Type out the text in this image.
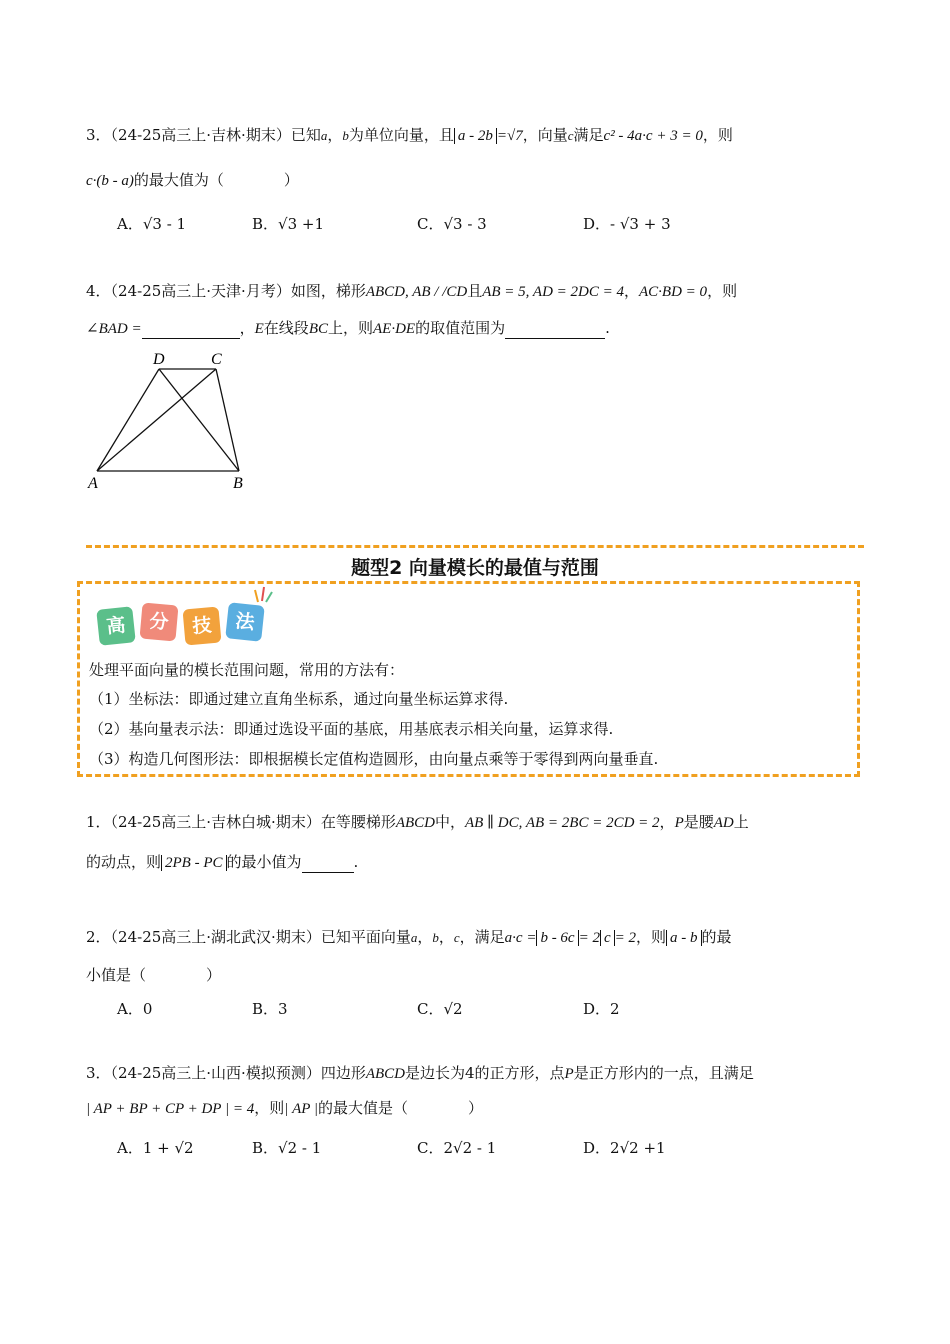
3．（24-25高三上·吉林·期末）已知a，b为单位向量，且 a - 2b =√7，向量c满足c² - 4a·c + 3 = 0，则
c·(b - a)的最大值为（　　　　）
A．√3 - 1	B．√3 +1	C．√3 - 3	D．- √3 + 3
4．（24-25高三上·天津·月考）如图，梯形ABCD, AB / /CD且AB = 5, AD = 2DC = 4，AC·BD = 0，则
∠BAD =	，E在线段BC上，则AE·DE的取值范围为	.
A	B
C
D
题型2 向量模长的最值与范围
高	分	技	法
处理平面向量的模长范围问题，常用的方法有：
（1）坐标法：即通过建立直角坐标系，通过向量坐标运算求得.
（2）基向量表示法：即通过选设平面的基底，用基底表示相关向量，运算求得.
（3）构造几何图形法：即根据模长定值构造圆形，由向量点乘等于零得到两向量垂直.
1．（24-25高三上·吉林白城·期末）在等腰梯形ABCD中，AB ∥ DC, AB = 2BC = 2CD = 2，P是腰AD上
的动点，则 2PB - PC 的最小值为	.
2．（24-25高三上·湖北武汉·期末）已知平面向量a，b，c，满足a·c = b - 6c = 2 c = 2，则 a - b 的最
小值是（　　　　）
A．0	B．3	C．√2	D．2
3．（24-25高三上·山西·模拟预测）四边形ABCD是边长为4的正方形，点P是正方形内的一点，且满足
| AP + BP + CP + DP | = 4，则| AP |的最大值是（　　　　）
A．1 + √2	B．√2 - 1	C．2√2 - 1	D．2√2 +1
